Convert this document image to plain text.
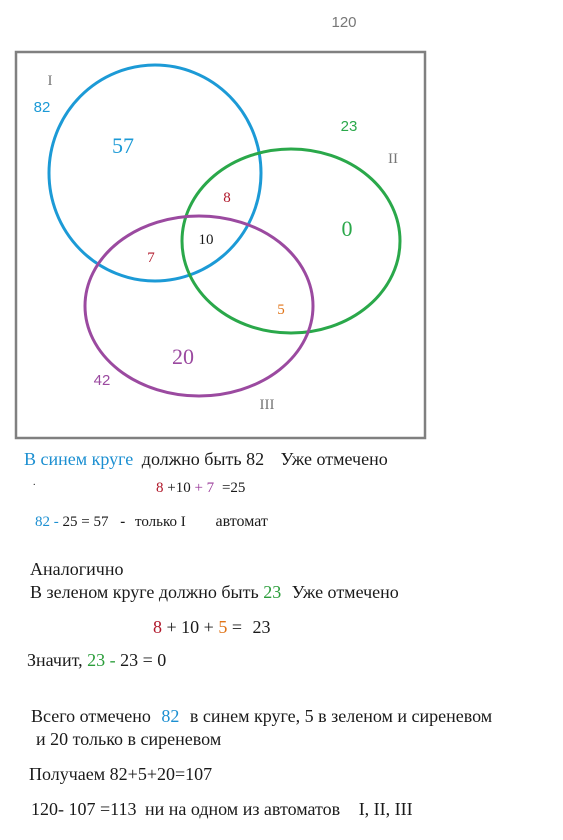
120
I
II
III
82
23
42
57
0
20
8
7
5
10
В синем круге должно быть 82 Уже отмечено
.	8 +10 + 7 =25
82 - 25 = 57 - только I автомат
Аналогично
В зеленом круге должно быть 23 Уже отмечено
8 + 10 + 5 = 23
Значит, 23 - 23 = 0
Всего отмечено 82 в синем круге, 5 в зеленом и сиреневом
и 20 только в сиреневом
Получаем 82+5+20=107
120- 107 =113 ни на одном из автоматов I, II, III
